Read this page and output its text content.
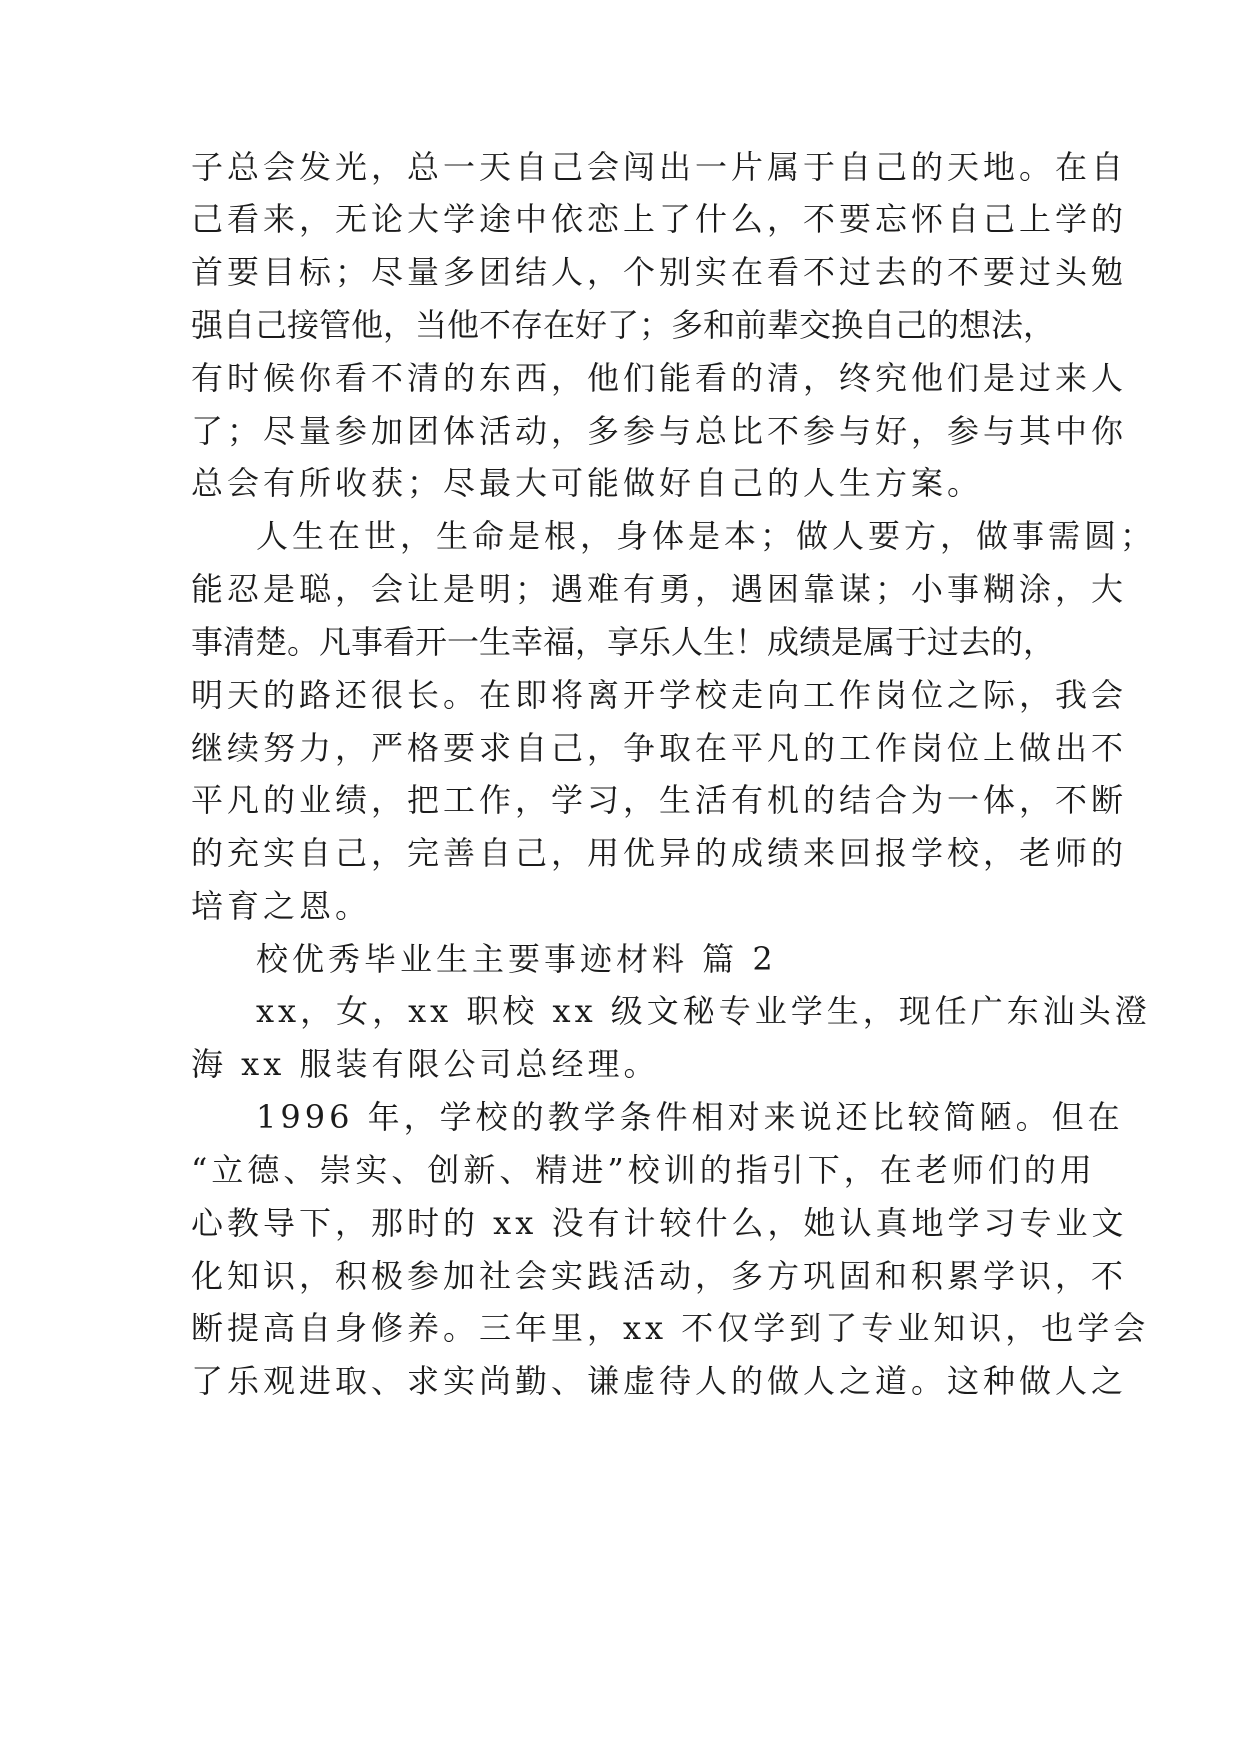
子总会发光，总一天自己会闯出一片属于自己的天地。在自
己看来，无论大学途中依恋上了什么，不要忘怀自己上学的
首要目标；尽量多团结人，个别实在看不过去的不要过头勉
强自己接管他，当他不存在好了；多和前辈交换自己的想法，
有时候你看不清的东西，他们能看的清，终究他们是过来人
了；尽量参加团体活动，多参与总比不参与好，参与其中你
总会有所收获；尽最大可能做好自己的人生方案。
人生在世，生命是根，身体是本；做人要方，做事需圆；
能忍是聪，会让是明；遇难有勇，遇困靠谋；小事糊涂，大
事清楚。凡事看开一生幸福，享乐人生！成绩是属于过去的，
明天的路还很长。在即将离开学校走向工作岗位之际，我会
继续努力，严格要求自己，争取在平凡的工作岗位上做出不
平凡的业绩，把工作，学习，生活有机的结合为一体，不断
的充实自己，完善自己，用优异的成绩来回报学校，老师的
培育之恩。
校优秀毕业生主要事迹材料 篇 2
xx，女，xx 职校 xx 级文秘专业学生，现任广东汕头澄
海 xx 服装有限公司总经理。
1996 年，学校的教学条件相对来说还比较简陋。但在
“立德、崇实、创新、精进”校训的指引下，在老师们的用
心教导下，那时的 xx 没有计较什么，她认真地学习专业文
化知识，积极参加社会实践活动，多方巩固和积累学识，不
断提高自身修养。三年里，xx 不仅学到了专业知识，也学会
了乐观进取、求实尚勤、谦虚待人的做人之道。这种做人之
